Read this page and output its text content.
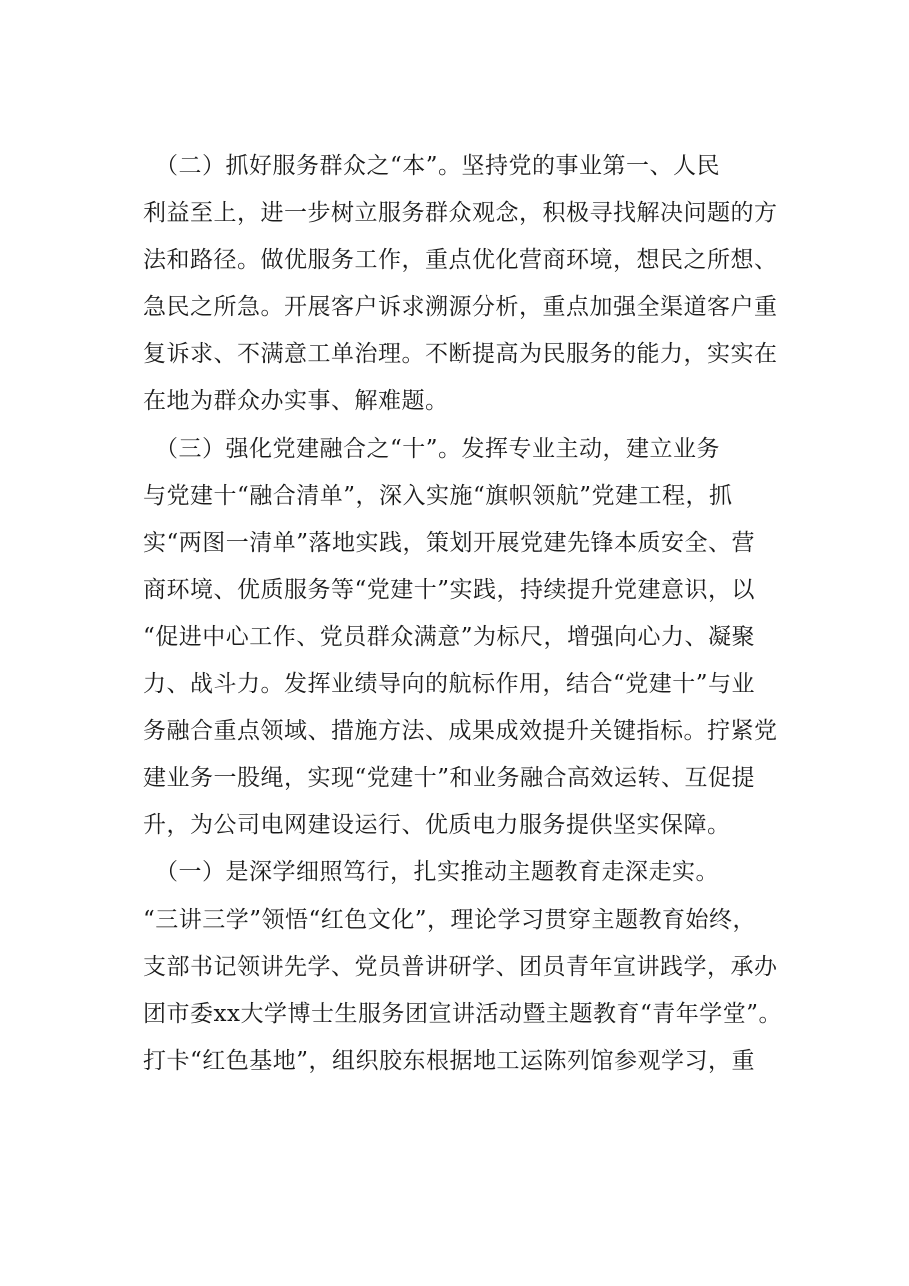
　（二）抓好服务群众之“本”。坚持党的事业第一、人民
利益至上，进一步树立服务群众观念，积极寻找解决问题的方
法和路径。做优服务工作，重点优化营商环境，想民之所想、
急民之所急。开展客户诉求溯源分析，重点加强全渠道客户重
复诉求、不满意工单治理。不断提高为民服务的能力，实实在
在地为群众办实事、解难题。
　（三）强化党建融合之“十”。发挥专业主动，建立业务
与党建十“融合清单”，深入实施“旗帜领航”党建工程，抓
实“两图一清单”落地实践，策划开展党建先锋本质安全、营
商环境、优质服务等“党建十”实践，持续提升党建意识，以
“促进中心工作、党员群众满意”为标尺，增强向心力、凝聚
力、战斗力。发挥业绩导向的航标作用，结合“党建十”与业
务融合重点领域、措施方法、成果成效提升关键指标。拧紧党
建业务一股绳，实现“党建十”和业务融合高效运转、互促提
升，为公司电网建设运行、优质电力服务提供坚实保障。
　（一）是深学细照笃行，扎实推动主题教育走深走实。
“三讲三学”领悟“红色文化”，理论学习贯穿主题教育始终，
支部书记领讲先学、党员普讲研学、团员青年宣讲践学，承办
团市委xx大学博士生服务团宣讲活动暨主题教育“青年学堂”。
打卡“红色基地”，组织胶东根据地工运陈列馆参观学习，重
